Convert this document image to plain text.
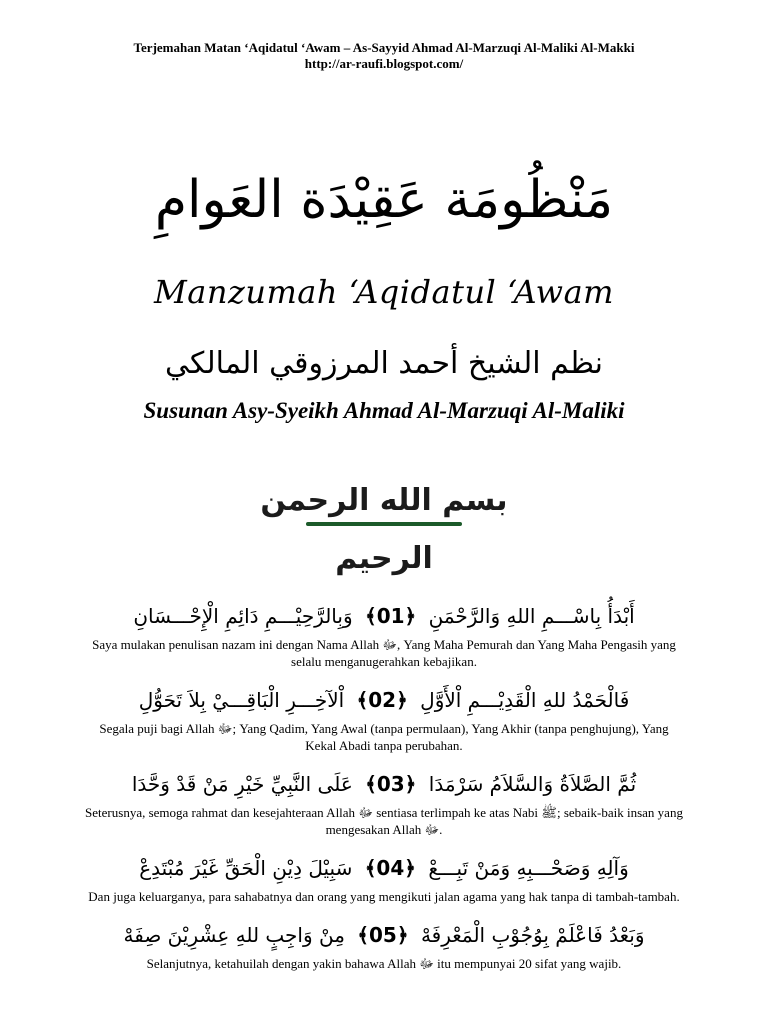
Terjemahan Matan ‘Aqidatul ‘Awam – As-Sayyid Ahmad Al-Marzuqi Al-Maliki Al-Makki
http://ar-raufi.blogspot.com/
مَنْظُومَة عَقِيْدَة العَوامِ
Manzumah ‘Aqidatul ‘Awam
نظم الشيخ أحمد المرزوقي المالكي
Susunan Asy-Syeikh Ahmad Al-Marzuqi Al-Maliki
بسم الله الرحمن الرحيم
أَبْدَأُ بِاسْـــمِ اللهِ وَالرَّحْمَنِ ﴾01﴿ وَبِالرَّحِيْـــمِ دَائِمِ الْإِحْـــسَانِ
Saya mulakan penulisan nazam ini dengan Nama Allah ﷻ, Yang Maha Pemurah dan Yang Maha Pengasih yang selalu menganugerahkan kebajikan.
فَالْحَمْدُ للهِ الْقَدِيْـــمِ اْلأَوَّلِ ﴾02﴿ اْلآخِـــرِ الْبَاقِـــيْ بِلاَ تَحَوُّلِ
Segala puji bagi Allah ﷻ; Yang Qadim, Yang Awal (tanpa permulaan), Yang Akhir (tanpa penghujung), Yang Kekal Abadi tanpa perubahan.
ثُمَّ الصَّلاَةُ وَالسَّلاَمُ سَرْمَدَا ﴾03﴿ عَلَى النَّبِيِّ خَيْرِ مَنْ قَدْ وَحَّدَا
Seterusnya, semoga rahmat dan kesejahteraan Allah ﷻ sentiasa terlimpah ke atas Nabi ﷺ; sebaik-baik insan yang mengesakan Allah ﷻ.
وَآلِهِ وَصَحْـــبِهِ وَمَنْ تَبِـــعْ ﴾04﴿ سَبِيْلَ دِيْنِ الْحَقِّ غَيْرَ مُبْتَدِعْ
Dan juga keluarganya, para sahabatnya dan orang yang mengikuti jalan agama yang hak tanpa di tambah-tambah.
وَبَعْدُ فَاعْلَمْ بِوُجُوْبِ الْمَعْرِفَهْ ﴾05﴿ مِنْ وَاجِبٍ للهِ عِشْرِيْنَ صِفَهْ
Selanjutnya, ketahuilah dengan yakin bahawa Allah ﷻ itu mempunyai 20 sifat yang wajib.
